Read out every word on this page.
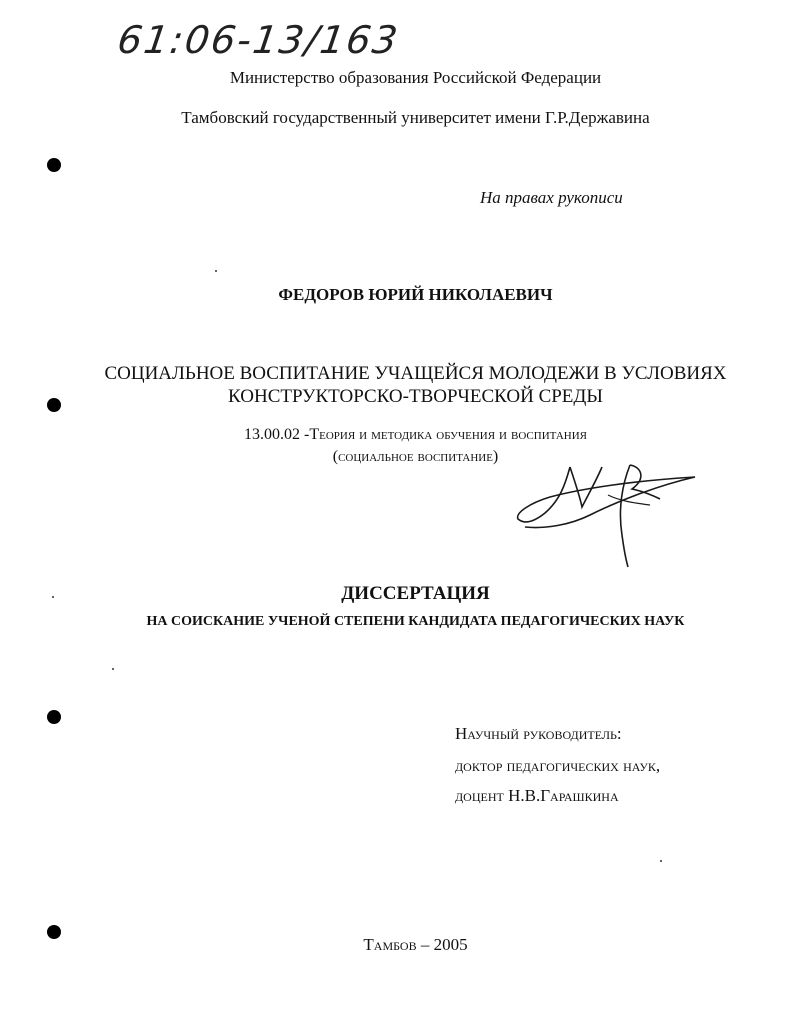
61:06-13/163
Министерство образования Российской Федерации
Тамбовский государственный университет имени Г.Р.Державина
На правах рукописи
ФЕДОРОВ ЮРИЙ НИКОЛАЕВИЧ
СОЦИАЛЬНОЕ ВОСПИТАНИЕ УЧАЩЕЙСЯ МОЛОДЕЖИ В УСЛОВИЯХ
КОНСТРУКТОРСКО-ТВОРЧЕСКОЙ СРЕДЫ
13.00.02 -Теория и методика обучения и воспитания
(социальное воспитание)
ДИССЕРТАЦИЯ
НА СОИСКАНИЕ УЧЕНОЙ СТЕПЕНИ КАНДИДАТА ПЕДАГОГИЧЕСКИХ НАУК
Научный руководитель:
доктор педагогических наук,
доцент Н.В.Гарашкина
Тамбов – 2005
